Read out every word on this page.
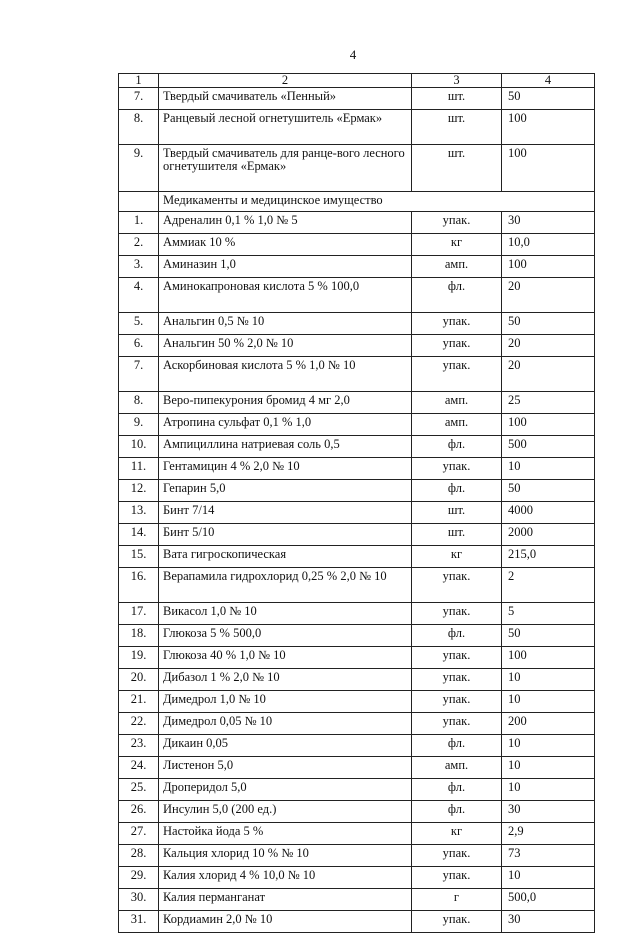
4
1	2	3	4
7.	Твердый смачиватель «Пенный»	шт.	50
8.	Ранцевый лесной огнетушитель «Ермак»	шт.	100
9.	Твердый смачиватель для ранце-вого лесного огнетушителя «Ермак»	шт.	100
	Медикаменты и медицинское имущество		
1.	Адреналин 0,1 % 1,0 № 5	упак.	30
2.	Аммиак 10 %	кг	10,0
3.	Аминазин 1,0	амп.	100
4.	Аминокапроновая кислота 5 % 100,0	фл.	20
5.	Анальгин 0,5 № 10	упак.	50
6.	Анальгин 50 % 2,0 № 10	упак.	20
7.	Аскорбиновая кислота 5 % 1,0 № 10	упак.	20
8.	Веро-пипекурония бромид 4 мг 2,0	амп.	25
9.	Атропина сульфат 0,1 % 1,0	амп.	100
10.	Ампициллина натриевая соль 0,5	фл.	500
11.	Гентамицин 4 % 2,0 № 10	упак.	10
12.	Гепарин 5,0	фл.	50
13.	Бинт 7/14	шт.	4000
14.	Бинт 5/10	шт.	2000
15.	Вата гигроскопическая	кг	215,0
16.	Верапамила гидрохлорид 0,25 % 2,0 № 10	упак.	2
17.	Викасол 1,0 № 10	упак.	5
18.	Глюкоза 5 % 500,0	фл.	50
19.	Глюкоза 40 % 1,0 № 10	упак.	100
20.	Дибазол 1 % 2,0 № 10	упак.	10
21.	Димедрол 1,0 № 10	упак.	10
22.	Димедрол 0,05 № 10	упак.	200
23.	Дикаин 0,05	фл.	10
24.	Листенон 5,0	амп.	10
25.	Дроперидол 5,0	фл.	10
26.	Инсулин 5,0 (200 ед.)	фл.	30
27.	Настойка йода 5 %	кг	2,9
28.	Кальция хлорид 10 % № 10	упак.	73
29.	Калия хлорид 4 % 10,0 № 10	упак.	10
30.	Калия перманганат	г	500,0
31.	Кордиамин 2,0 № 10	упак.	30
